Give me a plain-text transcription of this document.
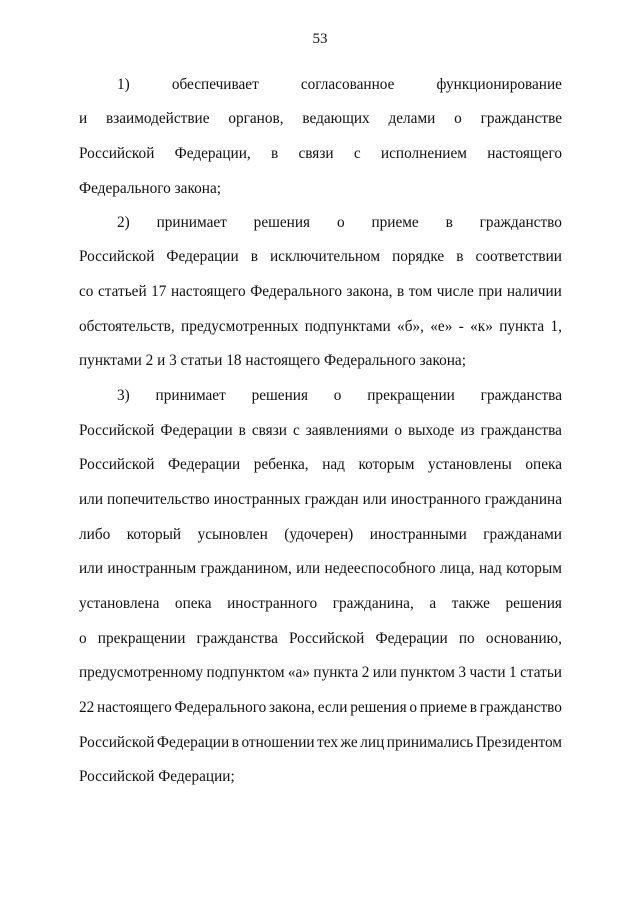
53
1)	обеспечивает	согласованное	функционирование
и взаимодействие органов, ведающих делами о гражданстве
Российской Федерации, в связи с исполнением настоящего
Федерального закона;
2) принимает решения о приеме в гражданство
Российской Федерации в исключительном порядке в соответствии
со статьей 17 настоящего Федерального закона, в том числе при наличии
обстоятельств, предусмотренных подпунктами «б», «е» - «к» пункта 1,
пунктами 2 и 3 статьи 18 настоящего Федерального закона;
3) принимает решения о прекращении гражданства
Российской Федерации в связи с заявлениями о выходе из гражданства
Российской Федерации ребенка, над которым установлены опека
или попечительство иностранных граждан или иностранного гражданина
либо который усыновлен (удочерен) иностранными гражданами
или иностранным гражданином, или недееспособного лица, над которым
установлена опека иностранного гражданина, а также решения
о прекращении гражданства Российской Федерации по основанию,
предусмотренному подпунктом «а» пункта 2 или пунктом 3 части 1 статьи
22 настоящего Федерального закона, если решения о приеме в гражданство
Российской Федерации в отношении тех же лиц принимались Президентом
Российской Федерации;
